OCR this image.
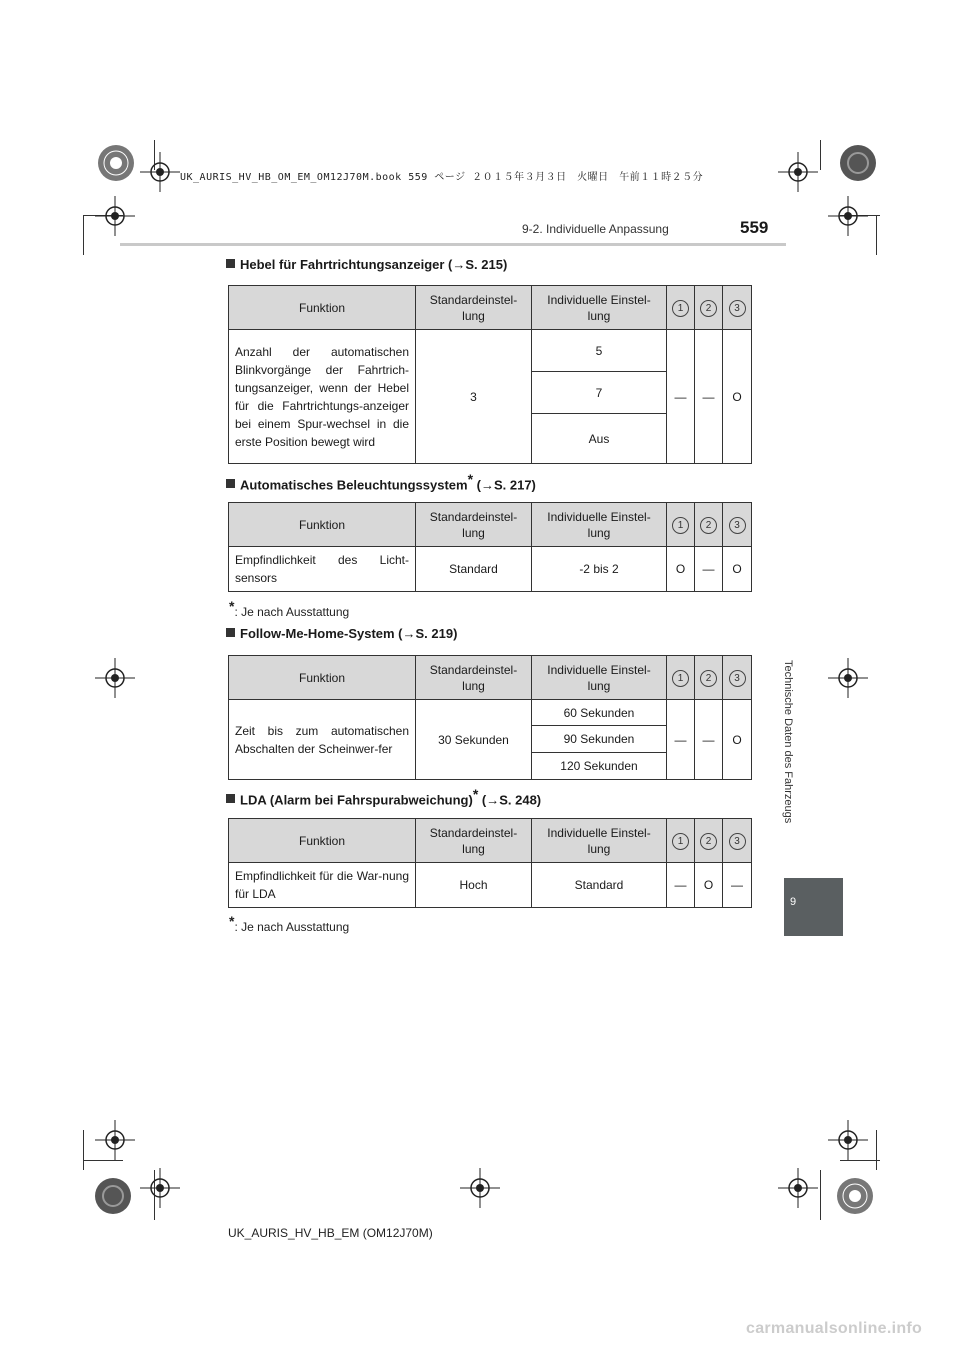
UK_AURIS_HV_HB_OM_EM_OM12J70M.book 559 ページ ２０１５年３月３日　火曜日　午前１１時２５分
9-2. Individuelle Anpassung	559
Technische Daten des Fahrzeugs
9
Hebel für Fahrtrichtungsanzeiger (→S. 215)
Funktion	Standardeinstel-lung	Individuelle Einstel-lung	1	2	3
Anzahl der automatischen Blinkvorgänge der Fahrtrich-tungsanzeiger, wenn der Hebel für die Fahrtrichtungs-anzeiger bei einem Spur-wechsel in die erste Position bewegt wird	3	5	—	—	O
		7			
		Aus			
Automatisches Beleuchtungssystem* (→S. 217)
Funktion	Standardeinstel-lung	Individuelle Einstel-lung	1	2	3
Empfindlichkeit des Licht-sensors	Standard	-2 bis 2	O	—	O
*: Je nach Ausstattung
Follow-Me-Home-System (→S. 219)
Funktion	Standardeinstel-lung	Individuelle Einstel-lung	1	2	3
Zeit bis zum automatischen Abschalten der Scheinwer-fer	30 Sekunden	60 Sekunden	—	—	O
		90 Sekunden			
		120 Sekunden			
LDA (Alarm bei Fahrspurabweichung)* (→S. 248)
Funktion	Standardeinstel-lung	Individuelle Einstel-lung	1	2	3
Empfindlichkeit für die War-nung für LDA	Hoch	Standard	—	O	—
*: Je nach Ausstattung
UK_AURIS_HV_HB_EM (OM12J70M)
carmanualsonline.info
